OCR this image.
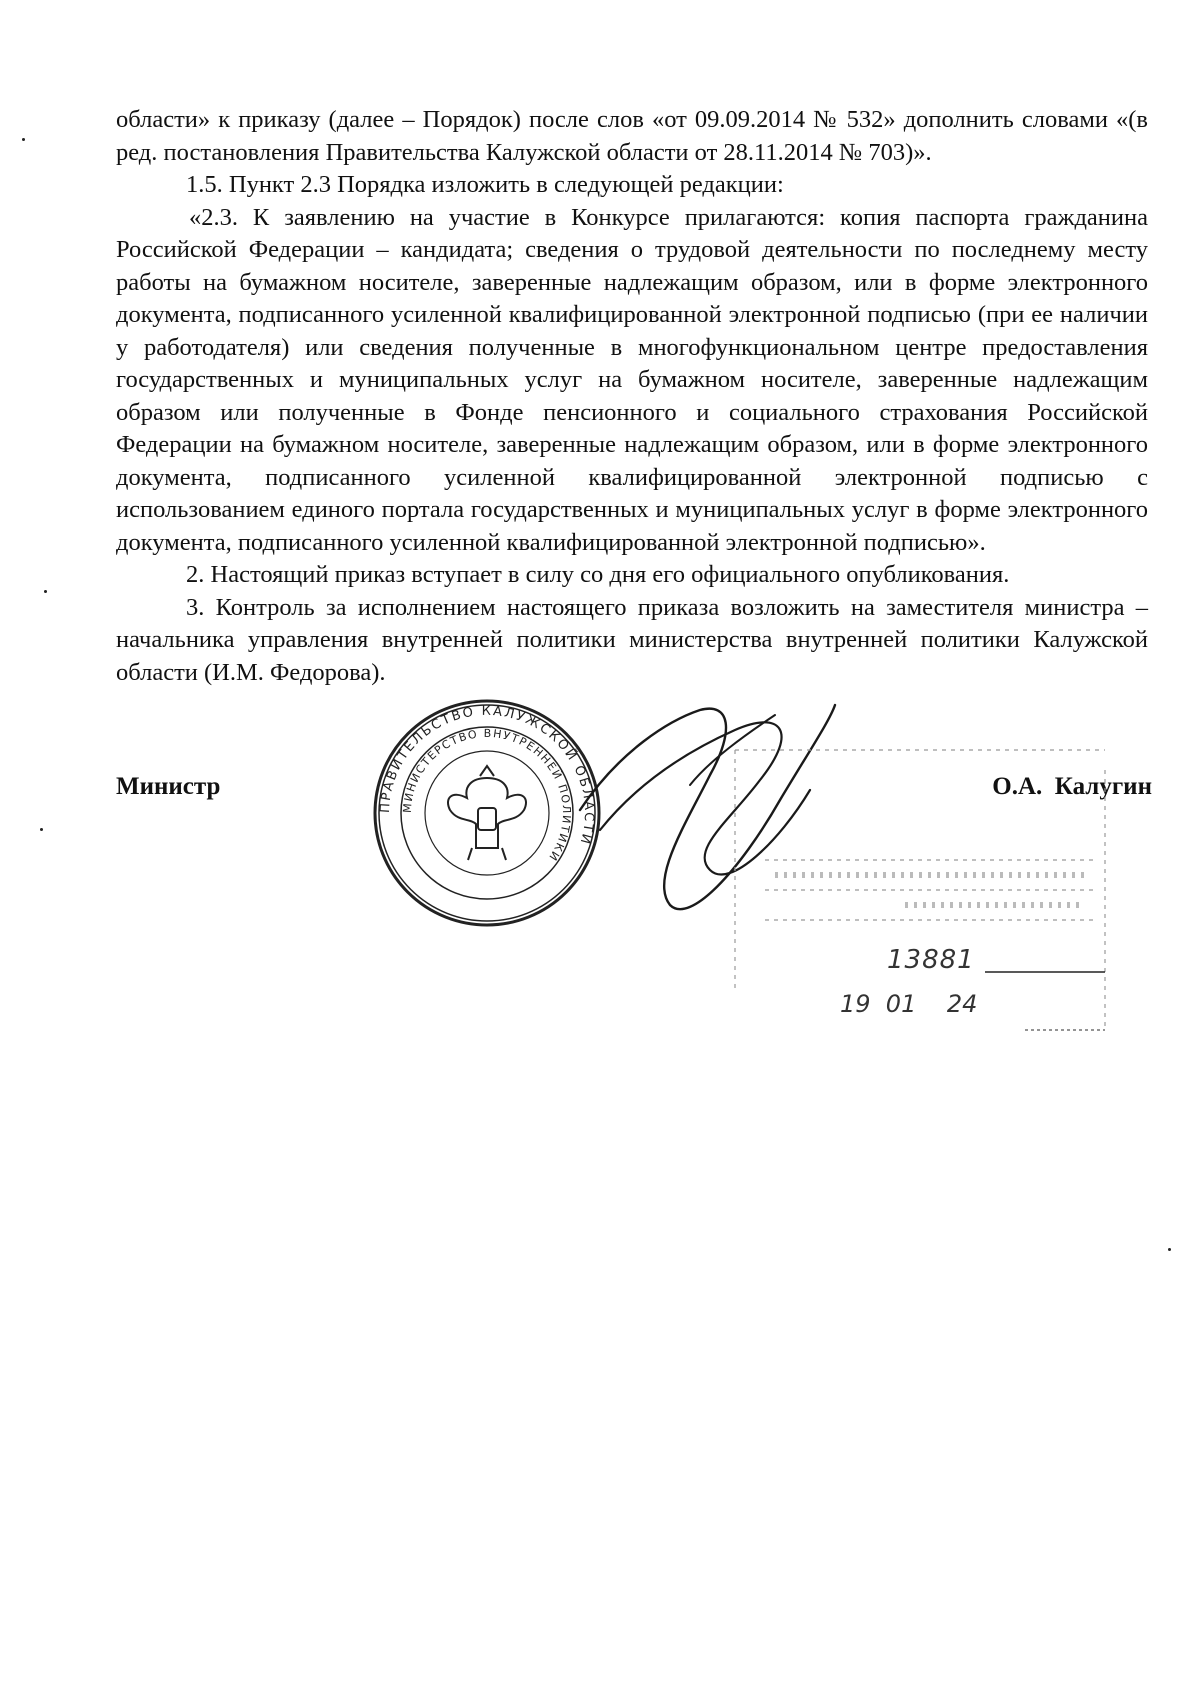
области» к приказу (далее – Порядок) после слов «от 09.09.2014 № 532» дополнить словами «(в ред. постановления Правительства Калужской области от 28.11.2014 № 703)».

1.5. Пункт 2.3 Порядка изложить в следующей редакции:

«2.3. К заявлению на участие в Конкурсе прилагаются: копия паспорта гражданина Российской Федерации – кандидата; сведения о трудовой деятельности по последнему месту работы на бумажном носителе, заверенные надлежащим образом, или в форме электронного документа, подписанного усиленной квалифицированной электронной подписью (при ее наличии у работодателя) или сведения полученные в многофункциональном центре предоставления государственных и муниципальных услуг на бумажном носителе, заверенные надлежащим образом или полученные в Фонде пенсионного и социального страхования Российской Федерации на бумажном носителе, заверенные надлежащим образом, или в форме электронного документа, подписанного усиленной квалифицированной электронной подписью с использованием единого портала государственных и муниципальных услуг в форме электронного документа, подписанного усиленной квалифицированной электронной подписью».

2. Настоящий приказ вступает в силу со дня его официального опубликования.

3. Контроль за исполнением настоящего приказа возложить на заместителя министра – начальника управления внутренней политики министерства внутренней политики Калужской области (И.М. Федорова).

Министр	О.А.  Калугин
ПРАВИТЕЛЬСТВО КАЛУЖСКОЙ ОБЛАСТИ
МИНИСТЕРСТВО ВНУТРЕННЕЙ ПОЛИТИКИ
13881
19  01    24
